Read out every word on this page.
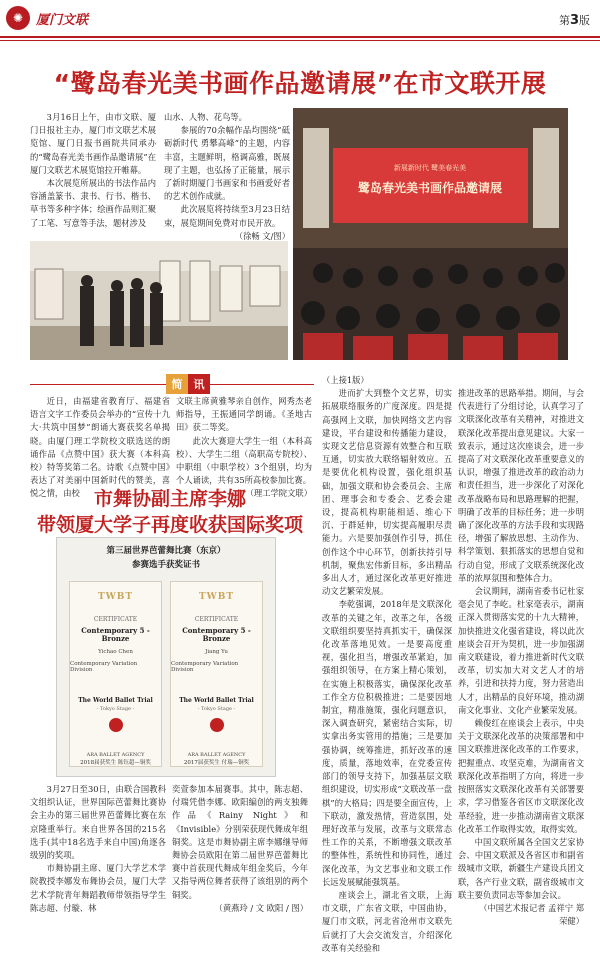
✺ 厦门文联	第3版
“鹭岛春光美书画作品邀请展”在市文联开展

3月16日上午，由市文联、厦门日报社主办，厦门市文联艺术展览馆、厦门日报书画院共同承办的“鹭岛春光美书画作品邀请展”在厦门文联艺术展览馆拉开帷幕。

本次展览所展出的书法作品内容涵盖篆书、隶书、行书、楷书、草书等多种字体；绘画作品则汇聚了工笔、写意等手法，题材涉及

山水、人物、花鸟等。

参展的70余幅作品均围绕“砥砺新时代 勇攀高峰”的主题，内容丰富，主题鲜明，格调高雅，既展现了主题，也弘扬了正能量，展示了新时期厦门书画家和书画爱好者的艺术创作成就。

此次展览将持续至3月23日结束，展览期间免费对市民开放。

（徐畅 文/图）

新展新时代 鹭美春光美
鹭岛春光美书画作品邀请展
简	讯

近日，由福建省教育厅、福建省语言文字工作委员会举办的“宣传十九大·共筑中国梦”朗诵大赛获奖名单揭晓。由厦门理工学院校文联选送的朗诵作品《点赞中国》获大赛（本科高校）特等奖第二名。诗歌《点赞中国》表达了对美丽中国新时代的赞美，喜悦之情，由校

文联主席黄雅琴亲自创作，网秀杰老师指导，王振通同学朗诵。《圣地古田》获二等奖。

此次大赛迎大学生一组（本科高校）、大学生二组（高职高专院校）、中职组（中职学校）3个组别，均为个人诵读，共有35所高校参加比赛。

（理工学院文联）

市舞协副主席李娜
带领厦大学子再度收获国际奖项
第三届世界芭蕾舞比赛（东京）
参赛选手获奖证书
TWBT
CERTIFICATE
Contemporary 5 - Bronze
Yichao Chen
Contemporary Variation Division
The World Ballet Trial
- Tokyo Stage -
ARA BALLET AGENCY
TWBT
CERTIFICATE
Contemporary 5 - Bronze
Jiang Yu
Contemporary Variation Division
The World Ballet Trial
- Tokyo Stage -
ARA BALLET AGENCY
2018届获奖生 陈钰超—铜奖	2017届获奖生 付瑞—铜奖

3月27日至30日，由联合国教科文组织认证，世界国际芭蕾舞比赛协会主办的第三届世界芭蕾舞比赛在东京隆重举行。来自世界各国的215名选手(其中18名选手来自中国)角逐各级别的奖项。

市舞协副主席、厦门大学艺术学院教授李娜发布舞协会员，厦门大学艺术学院青年舞蹈教师带领指导学生陈志超、付璇、林

奕萱参加本届赛事。其中，陈志超、付瑞凭借李娜、欧阳编创的两支独舞作品《Rainy Night》和《Invisible》分别荣获现代舞成年组铜奖。这是市舞协副主席李娜继导师舞协会员欧阳在第二届世界芭蕾舞比赛中首获现代舞成年组金奖后，今年又指导两位舞者获得了该组别的两个铜奖。

（黄燕玲 / 文 欧阳 / 图）

（上接1版）

进而扩大到整个文艺界，切实拓展联络服务的广度深度。四是提高强网上文联，加快网络文艺内容建设，平台建设和传播能力建设，实现文艺信息资源有效整合和互联互通，切实放大联络辐射效应。五是要优化机构设置，强化组织基础，加强文联和协会委员会、主席团、理事会和专委会、艺委会建设，提高机构职能相适、维心下沉、于群延伸，切实提高履职尽责能力。六是要加强创作引导，抓住创作这个中心环节，创新扶持引导机制，聚焦宏伟新目标，多出精品多出人才，通过深化改革更好推进动文艺繁荣发展。

李乾强调，2018年是文联深化改革的关键之年，改革之年，各级文联组织要坚持真抓实干，确保深化改革落地见效。一是要高度重视，强化担当，增强改革紧迫，加强组织领导，在方案上精心策划，在实施上积极落实，确保深化改革工作全方位积极推进；二是要因地制宜，精准施策，强化问题意识，深入调查研究，紧密结合实际，切实拿出务实管用的措施；三是要加强协调，统筹推进，抓好改革的速度，质量，落地效率，在党委宣传部门的领导支持下，加强基层文联组织建设，切实形成“文联改革一盘棋”的大格局；四是要全面宣传，上下联动，激发热情，营造氛围，处理好改革与发展，改革与文联常态性工作的关系，不断增强文联改革的整体性，系统性和协同性，通过深化改革，为文艺事业和文联工作长远发展赋能强筑基。

座谈会上，湖北省文联，上海市文联，广东省文联，中国曲协，厦门市文联，河北省沧州市文联先后就打了大会交流发言，介绍深化改革有关经验和

推进改革的思路举措。期间，与会代表进行了分组讨论，认真学习了文联深化改革有关精神，对推进文联深化改革提出意见建议。大家一致表示，通过这次座谈会，进一步提高了对文联深化改革重要意义的认识，增强了推进改革的政治动力和责任担当，进一步深化了对深化改革战略布局和思路理解的把握，明确了改革的目标任务；进一步明确了深化改革的方法手段和实现路径，增强了解放思想、主动作为、科学策划、狠抓落实的思想自觉和行动自觉，形成了文联系统深化改革的浓厚氛围和整体合力。

会议期间，湖南省委书记杜家毫会见了李屹。杜家毫表示，湖南正深入贯彻落实党的十九大精神，加快推进文化强省建设，将以此次座谈会召开为契机，进一步加强湖南文联建设，着力推进新时代文联改革，切实加大对文艺人才的培养，引进和扶持力度，努力营造出人才，出精品的良好环境，推动湖南文化事业、文化产业繁荣发展。

赖俊红在座谈会上表示，中央关于文联深化改革的决策部署和中国文联推进深化改革的工作要求，把握重点、攻坚克难，为湖南省文联深化改革指明了方向，将进一步按照落实文联深化改革有关部署要求，学习借鉴各省区市文联深化改革经验，进一步推动湖南省文联深化改革工作取得实效，取得实效。

中国文联所属各全国文艺家协会、中国文联派及各省区市和副省级城市文联，新疆生产建设兵团文联，各产行业文联，副省级城市文联主要负责同志等参加会议。

（中国艺术报记者 孟祥宁 郑荣健）
